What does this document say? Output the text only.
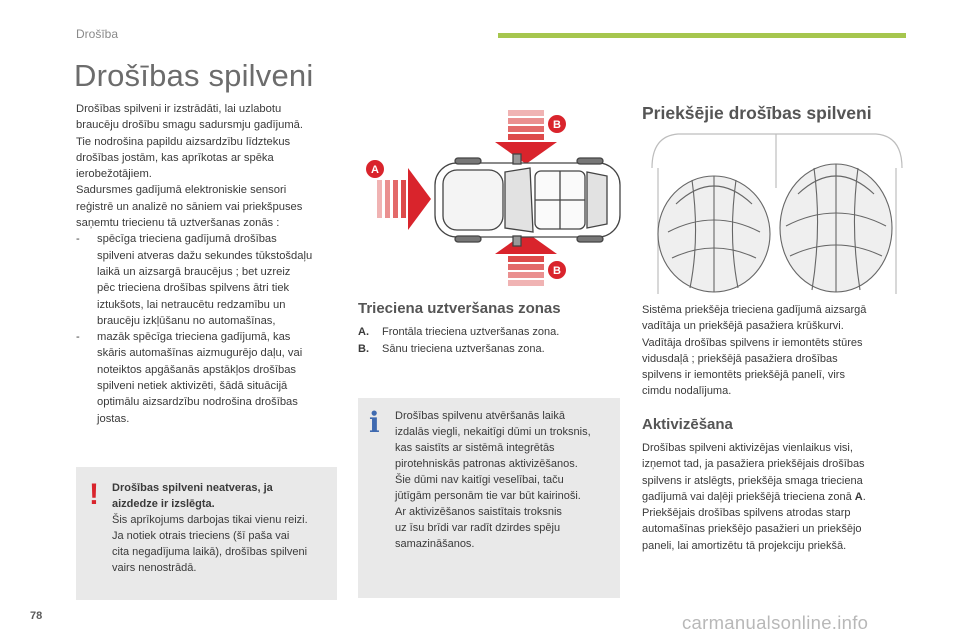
Drošība
Drošības spilveni
Drošības spilveni ir izstrādāti, lai uzlabotu
braucēju drošību smagu sadursmju gadījumā.
Tie nodrošina papildu aizsardzību līdztekus
drošības jostām, kas aprīkotas ar spēka
ierobežotājiem.
Sadursmes gadījumā elektroniskie sensori
reģistrē un analizē no sāniem vai priekšpuses
saņemtu triecienu tā uztveršanas zonās :
- spēcīga trieciena gadījumā drošības
spilveni atveras dažu sekundes tūkstošdaļu
laikā un aizsargā braucējus ; bet uzreiz
pēc trieciena drošības spilvens ātri tiek
iztukšots, lai netraucētu redzamību un
braucēju izkļūšanu no automašīnas,
- mazāk spēcīga trieciena gadījumā, kas
skāris automašīnas aizmugurējo daļu, vai
noteiktos apgāšanās apstākļos drošības
spilveni netiek aktivizēti, šādā situācijā
optimālu aizsardzību nodrošina drošības
jostas.
! Drošības spilveni neatveras, ja
aizdedze ir izslēgta.
Šis aprīkojums darbojas tikai vienu reizi.
Ja notiek otrais trieciens (šī paša vai
cita negadījuma laikā), drošības spilveni
vairs nenostrādā.
A
B
B
Trieciena uztveršanas zonas
A. Frontāla trieciena uztveršanas zona.
B. Sānu trieciena uztveršanas zona.
i Drošības spilvenu atvēršanās laikā
izdalās viegli, nekaitīgi dūmi un troksnis,
kas saistīts ar sistēmā integrētās
pirotehniskās patronas aktivizēšanos.
Šie dūmi nav kaitīgi veselībai, taču
jūtīgām personām tie var būt kairinoši.
Ar aktivizēšanos saistītais troksnis
uz īsu brīdi var radīt dzirdes spēju
samazināšanos.
Priekšējie drošības spilveni
Sistēma priekšēja trieciena gadījumā aizsargā
vadītāja un priekšējā pasažiera krūškurvi.
Vadītāja drošības spilvens ir iemontēts stūres
vidusdaļā ; priekšējā pasažiera drošības
spilvens ir iemontēts priekšējā panelī, virs
cimdu nodalījuma.
Aktivizēšana
Drošības spilveni aktivizējas vienlaikus visi,
izņemot tad, ja pasažiera priekšējais drošības
spilvens ir atslēgts, priekšēja smaga trieciena
gadījumā vai daļēji priekšējā trieciena zonā A.
Priekšējais drošības spilvens atrodas starp
automašīnas priekšējo pasažieri un priekšējo
paneli, lai amortizētu tā projekciju priekšā.
78	carmanualsonline.info
